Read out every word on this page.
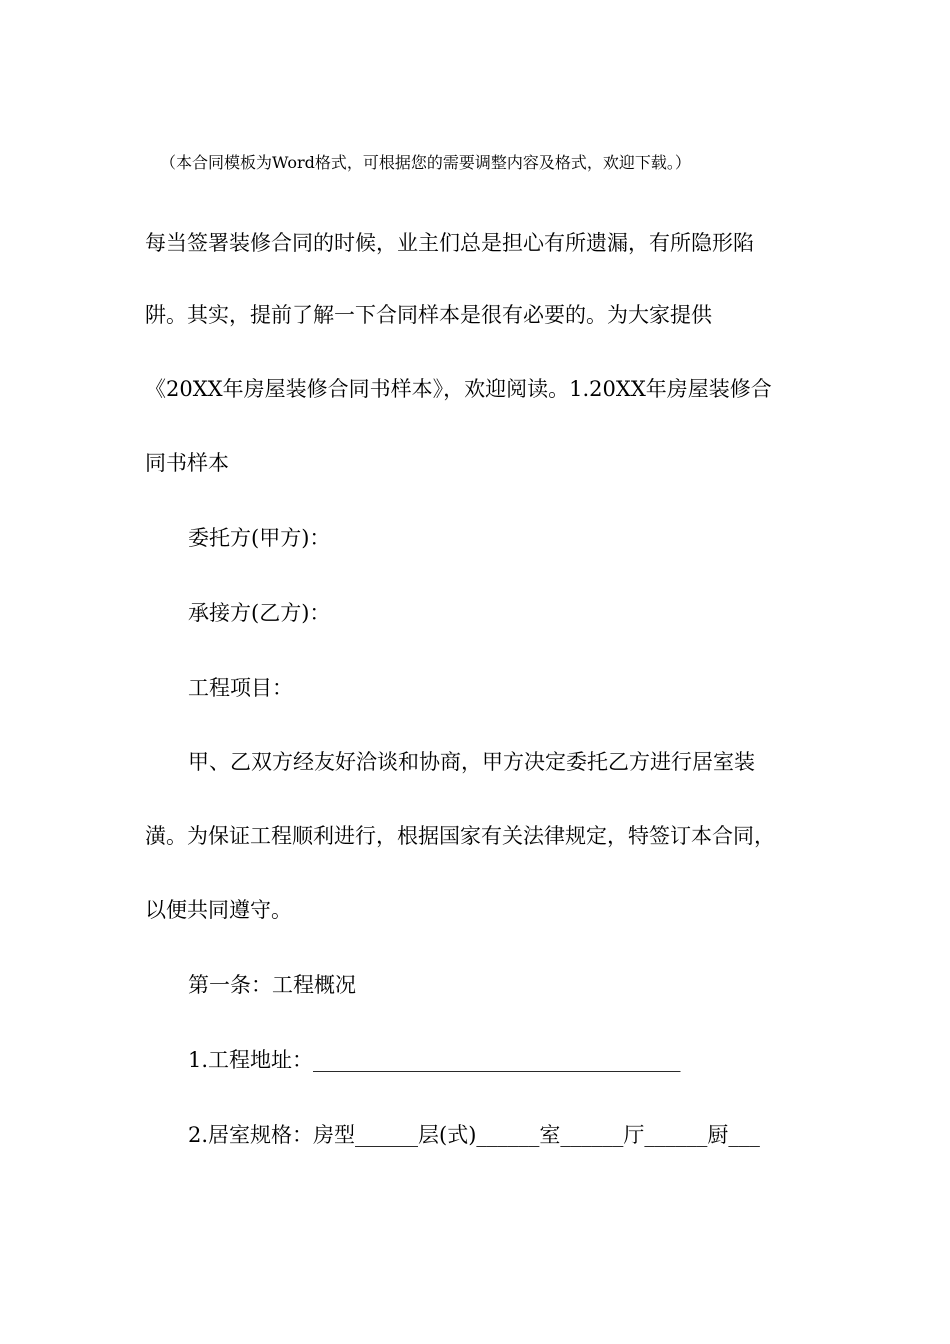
（本合同模板为Word格式，可根据您的需要调整内容及格式，欢迎下载。）
每当签署装修合同的时候，业主们总是担心有所遗漏，有所隐形陷
阱。其实，提前了解一下合同样本是很有必要的。为大家提供
《20XX年房屋装修合同书样本》，欢迎阅读。1.20XX年房屋装修合
同书样本
委托方(甲方)：
承接方(乙方)：
工程项目：
甲、乙双方经友好洽谈和协商，甲方决定委托乙方进行居室装
潢。为保证工程顺利进行，根据国家有关法律规定，特签订本合同，
以便共同遵守。
第一条：工程概况
1.工程地址：___________________________________
2.居室规格：房型______层(式)______室______厅______厨___
